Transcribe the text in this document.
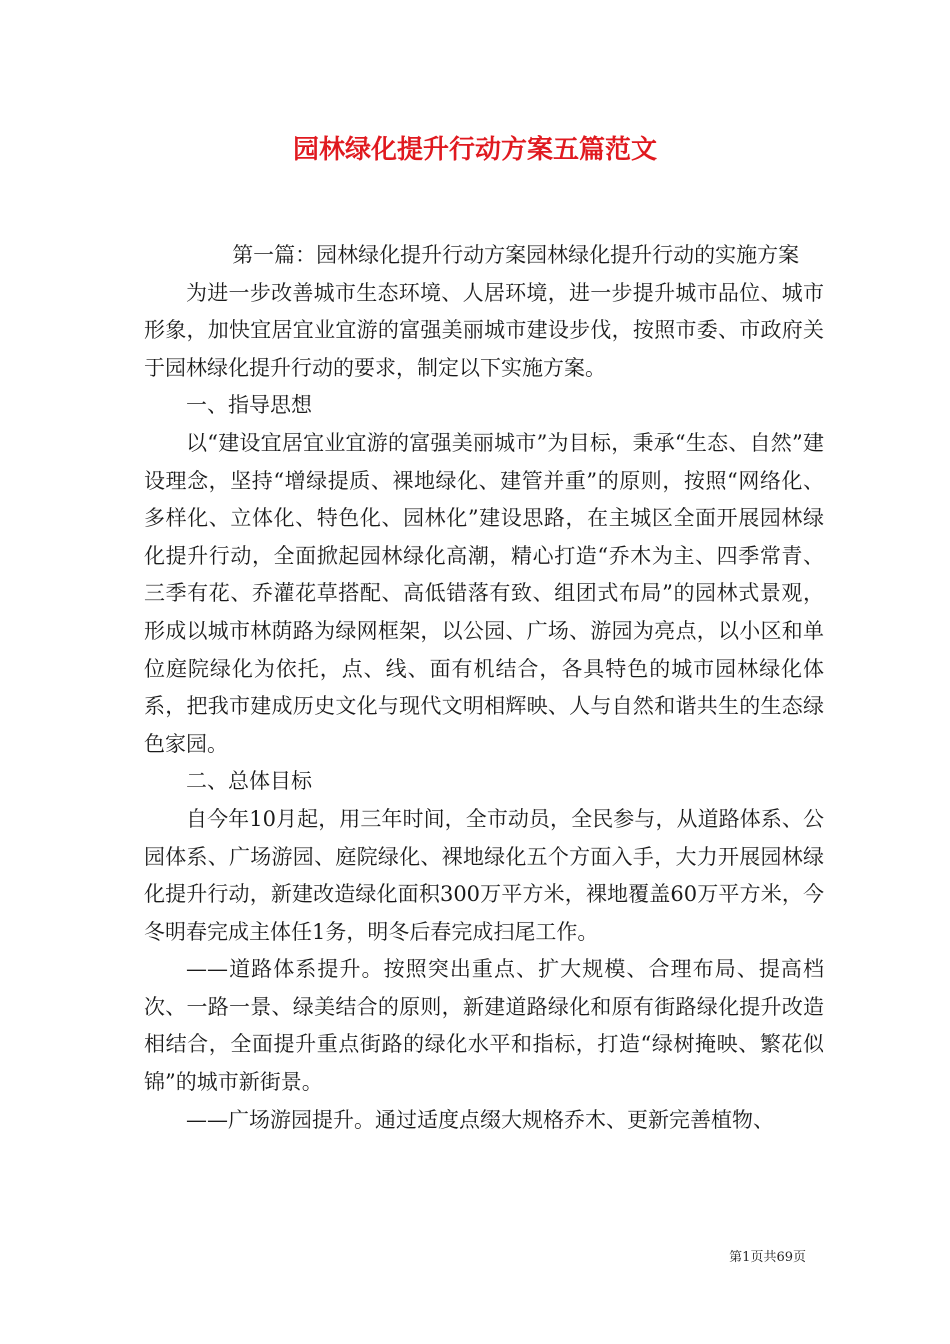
园林绿化提升行动方案五篇范文

第一篇：园林绿化提升行动方案园林绿化提升行动的实施方案

为进一步改善城市生态环境、人居环境，进一步提升城市品位、城市形象，加快宜居宜业宜游的富强美丽城市建设步伐，按照市委、市政府关于园林绿化提升行动的要求，制定以下实施方案。

一、指导思想

以“建设宜居宜业宜游的富强美丽城市”为目标，秉承“生态、自然”建设理念，坚持“增绿提质、裸地绿化、建管并重”的原则，按照“网络化、多样化、立体化、特色化、园林化”建设思路，在主城区全面开展园林绿化提升行动，全面掀起园林绿化高潮，精心打造“乔木为主、四季常青、三季有花、乔灌花草搭配、高低错落有致、组团式布局”的园林式景观，形成以城市林荫路为绿网框架，以公园、广场、游园为亮点，以小区和单位庭院绿化为依托，点、线、面有机结合，各具特色的城市园林绿化体系，把我市建成历史文化与现代文明相辉映、人与自然和谐共生的生态绿色家园。

二、总体目标

自今年10月起，用三年时间，全市动员，全民参与，从道路体系、公园体系、广场游园、庭院绿化、裸地绿化五个方面入手，大力开展园林绿化提升行动，新建改造绿化面积300万平方米，裸地覆盖60万平方米，今冬明春完成主体任1务，明冬后春完成扫尾工作。

——道路体系提升。按照突出重点、扩大规模、合理布局、提高档次、一路一景、绿美结合的原则，新建道路绿化和原有街路绿化提升改造相结合，全面提升重点街路的绿化水平和指标，打造“绿树掩映、繁花似锦”的城市新街景。

——广场游园提升。通过适度点缀大规格乔木、更新完善植物、

第1页共69页
